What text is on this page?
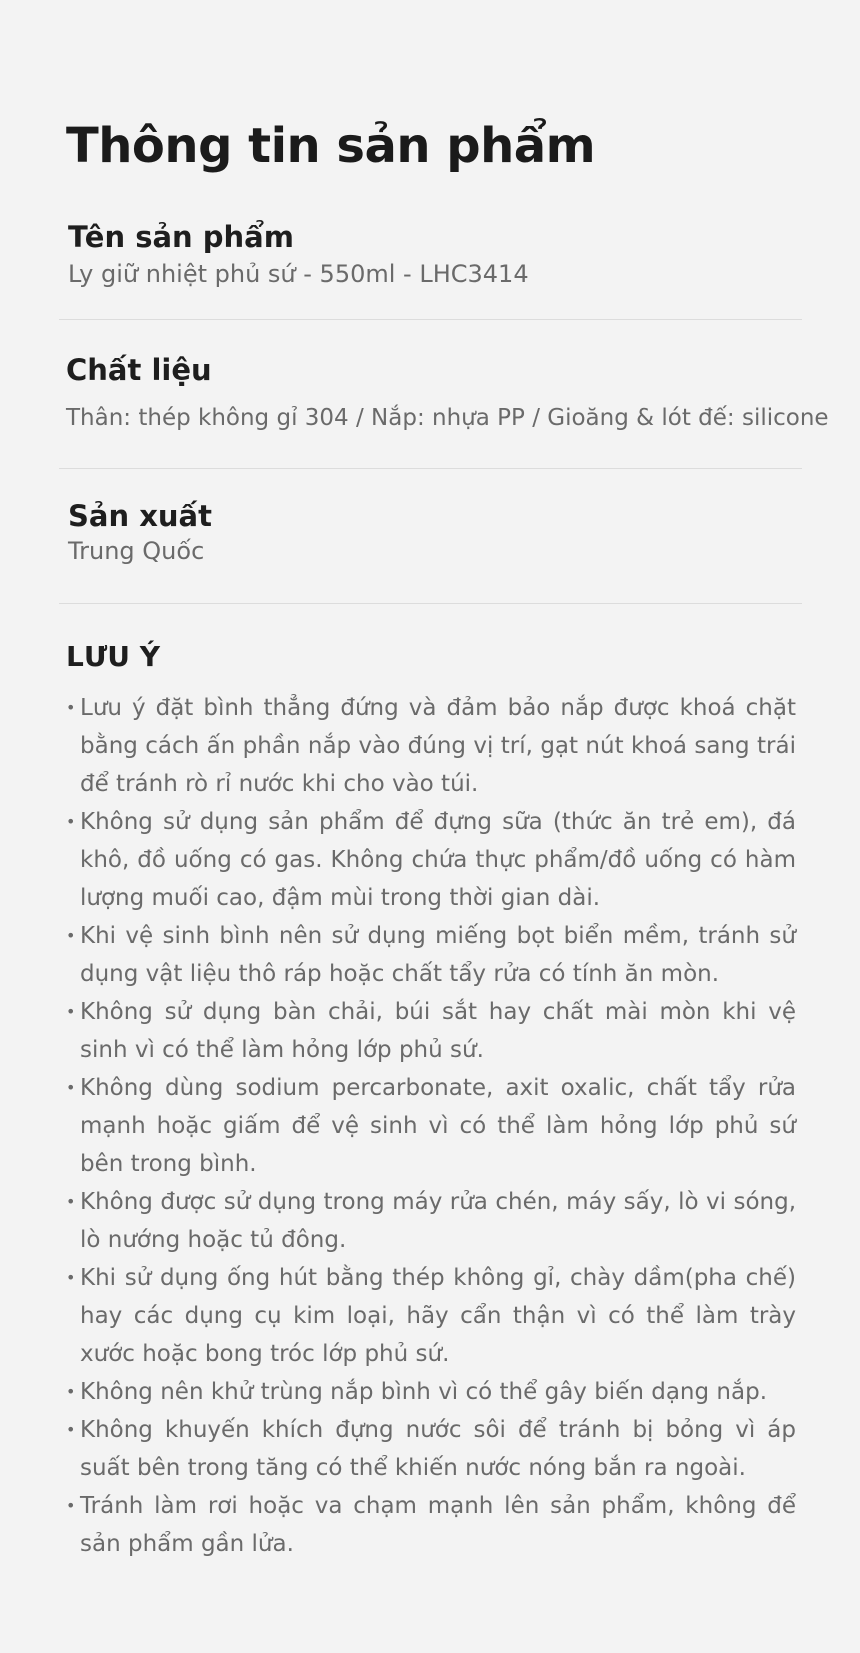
Thông tin sản phẩm
Tên sản phẩm

Ly giữ nhiệt phủ sứ - 550ml - LHC3414

Chất liệu

Thân: thép không gỉ 304 / Nắp: nhựa PP / Gioăng & lót đế: silicone

Sản xuất

Trung Quốc

LƯU Ý
• Lưu ý đặt bình thẳng đứng và đảm bảo nắp được khoá chặt bằng cách ấn phần nắp vào đúng vị trí, gạt nút khoá sang trái để tránh rò rỉ nước khi cho vào túi.
• Không sử dụng sản phẩm để đựng sữa (thức ăn trẻ em), đá khô, đồ uống có gas. Không chứa thực phẩm/đồ uống có hàm lượng muối cao, đậm mùi trong thời gian dài.
• Khi vệ sinh bình nên sử dụng miếng bọt biển mềm, tránh sử dụng vật liệu thô ráp hoặc chất tẩy rửa có tính ăn mòn.
• Không sử dụng bàn chải, búi sắt hay chất mài mòn khi vệ sinh vì có thể làm hỏng lớp phủ sứ.
• Không dùng sodium percarbonate, axit oxalic, chất tẩy rửa mạnh hoặc giấm để vệ sinh vì có thể làm hỏng lớp phủ sứ bên trong bình.
• Không được sử dụng trong máy rửa chén, máy sấy, lò vi sóng, lò nướng hoặc tủ đông.
• Khi sử dụng ống hút bằng thép không gỉ, chày dầm(pha chế) hay các dụng cụ kim loại, hãy cẩn thận vì có thể làm trày xước hoặc bong tróc lớp phủ sứ.
• Không nên khử trùng nắp bình vì có thể gây biến dạng nắp.
• Không khuyến khích đựng nước sôi để tránh bị bỏng vì áp suất bên trong tăng có thể khiến nước nóng bắn ra ngoài.
• Tránh làm rơi hoặc va chạm mạnh lên sản phẩm, không để sản phẩm gần lửa.
